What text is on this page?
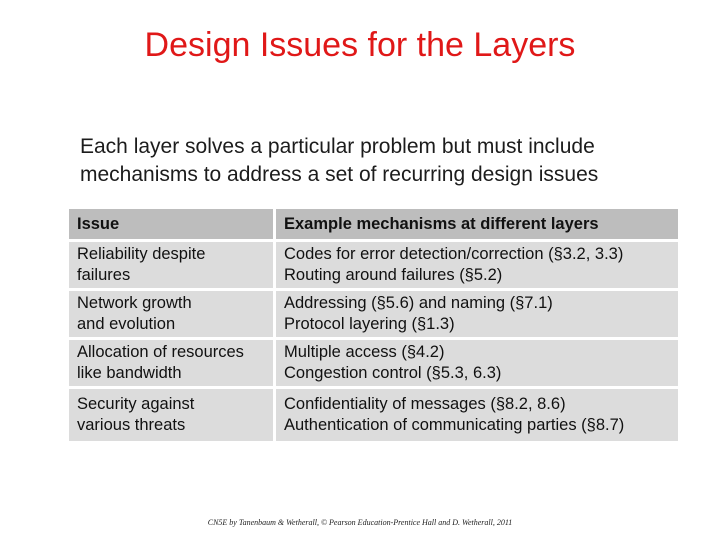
Design Issues for the Layers
Each layer solves a particular problem but must include
mechanisms to address a set of recurring design issues
Issue	Example mechanisms at different layers

Reliability despite
failures	Codes for error detection/correction (§3.2, 3.3)
Routing around failures (§5.2)

Network growth
and evolution	Addressing (§5.6) and naming (§7.1)
Protocol layering (§1.3)

Allocation of resources
like bandwidth	Multiple access (§4.2)
Congestion control (§5.3, 6.3)

Security against
various threats	Confidentiality of messages (§8.2, 8.6)
Authentication of communicating parties (§8.7)
CN5E by Tanenbaum & Wetherall, © Pearson Education-Prentice Hall and D. Wetherall, 2011
